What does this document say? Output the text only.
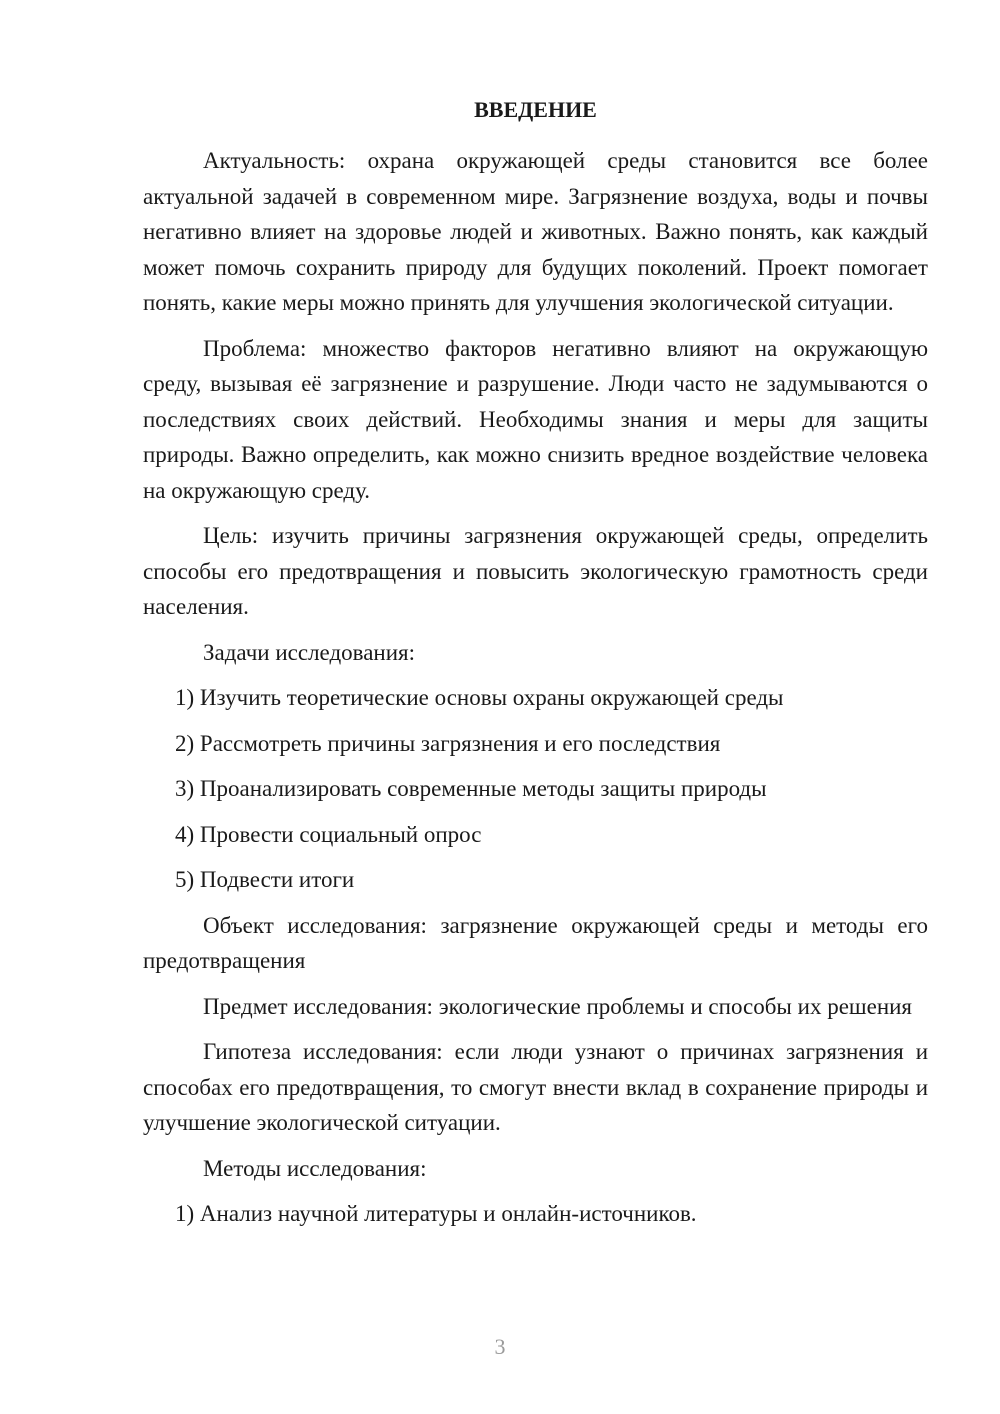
ВВЕДЕНИЕ

Актуальность: охрана окружающей среды становится все более актуальной задачей в современном мире. Загрязнение воздуха, воды и почвы негативно влияет на здоровье людей и животных. Важно понять, как каждый может помочь сохранить природу для будущих поколений. Проект помогает понять, какие меры можно принять для улучшения экологической ситуации.

Проблема: множество факторов негативно влияют на окружающую среду, вызывая её загрязнение и разрушение. Люди часто не задумываются о последствиях своих действий. Необходимы знания и меры для защиты природы. Важно определить, как можно снизить вредное воздействие человека на окружающую среду.

Цель: изучить причины загрязнения окружающей среды, определить способы его предотвращения и повысить экологическую грамотность среди населения.

Задачи исследования:

1) Изучить теоретические основы охраны окружающей среды
2) Рассмотреть причины загрязнения и его последствия
3) Проанализировать современные методы защиты природы
4) Провести социальный опрос
5) Подвести итоги

Объект исследования: загрязнение окружающей среды и методы его предотвращения

Предмет исследования: экологические проблемы и способы их решения

Гипотеза исследования: если люди узнают о причинах загрязнения и способах его предотвращения, то смогут внести вклад в сохранение природы и улучшение экологической ситуации.

Методы исследования:

1) Анализ научной литературы и онлайн-источников.
3
